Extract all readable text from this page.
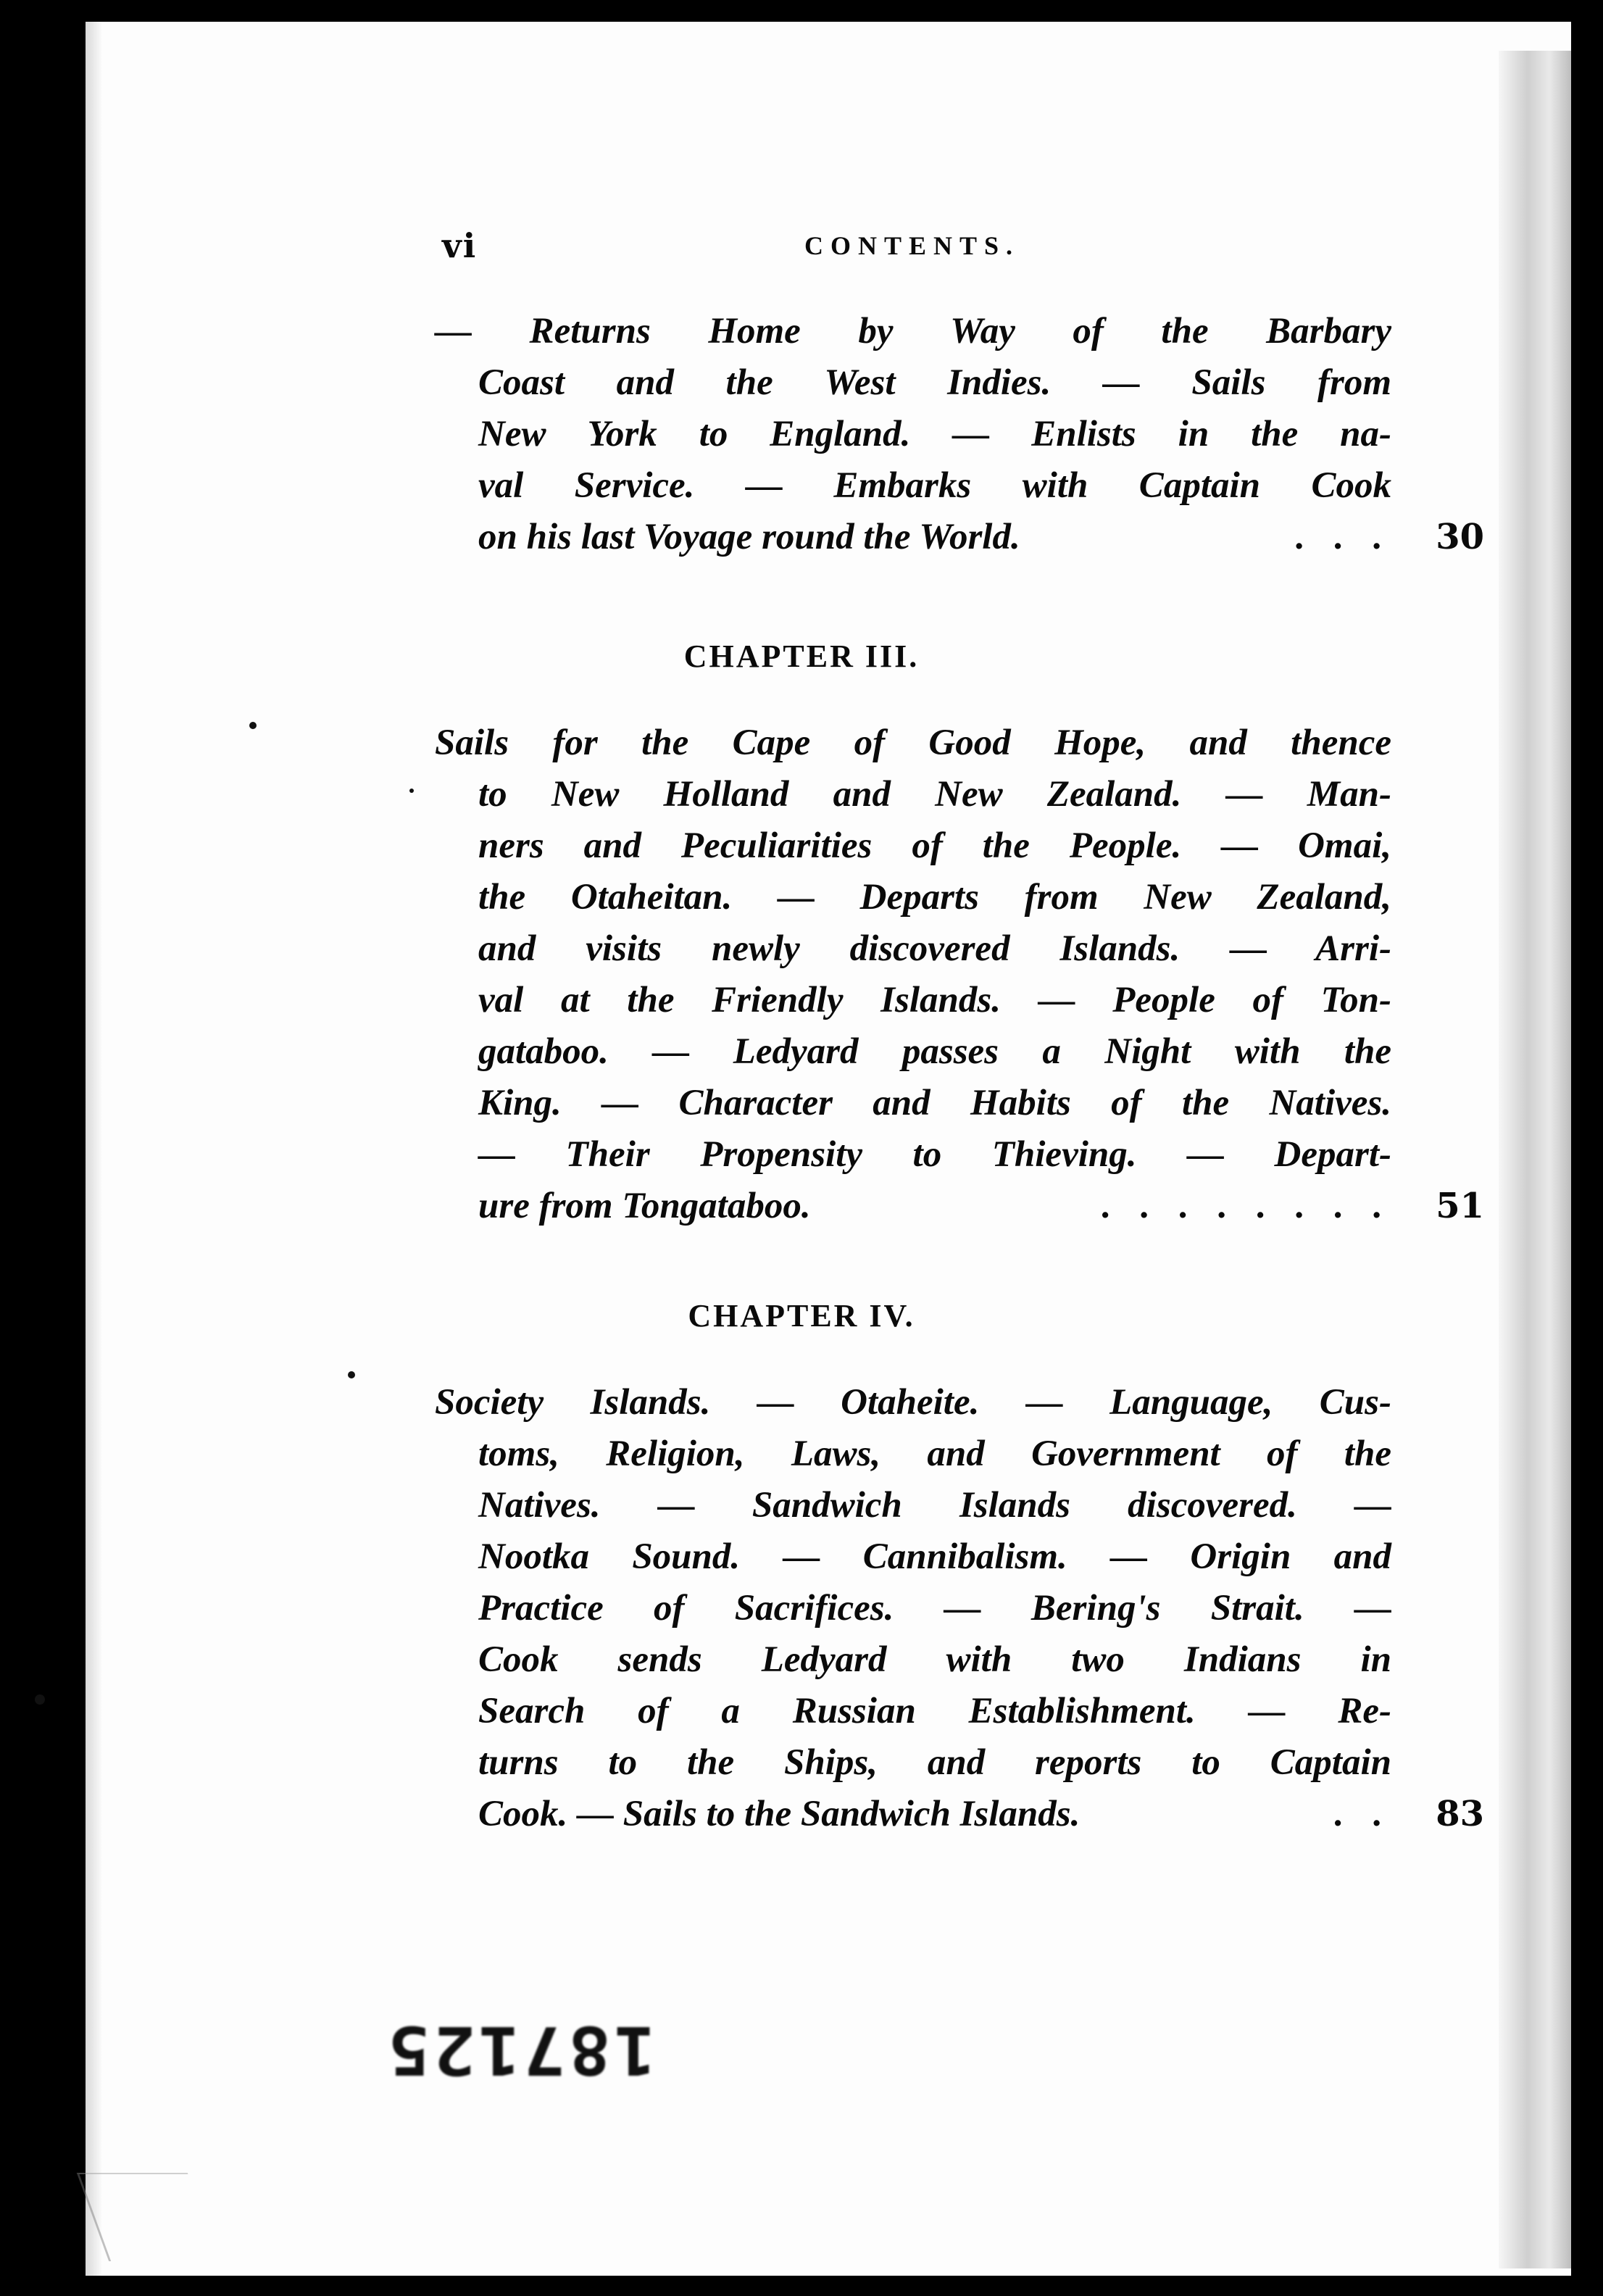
vi	CONTENTS.
— Returns Home by Way of the Barbary
Coast and the West Indies. — Sails from
New York to England. — Enlists in the na-
val Service. — Embarks with Captain Cook
on his last Voyage round the World.	. . . 30
CHAPTER III.
Sails for the Cape of Good Hope, and thence
to New Holland and New Zealand. — Man-
ners and Peculiarities of the People. — Omai,
the Otaheitan. — Departs from New Zealand,
and visits newly discovered Islands. — Arri-
val at the Friendly Islands. — People of Ton-
gataboo. — Ledyard passes a Night with the
King. — Character and Habits of the Natives.
— Their Propensity to Thieving. — Depart-
ure from Tongataboo.	. . . . . . . . 51
CHAPTER IV.
Society Islands. — Otaheite. — Language, Cus-
toms, Religion, Laws, and Government of the
Natives. — Sandwich Islands discovered. —
Nootka Sound. — Cannibalism. — Origin and
Practice of Sacrifices. — Bering's Strait. —
Cook sends Ledyard with two Indians in
Search of a Russian Establishment. — Re-
turns to the Ships, and reports to Captain
Cook. — Sails to the Sandwich Islands.	. . 83
187125
